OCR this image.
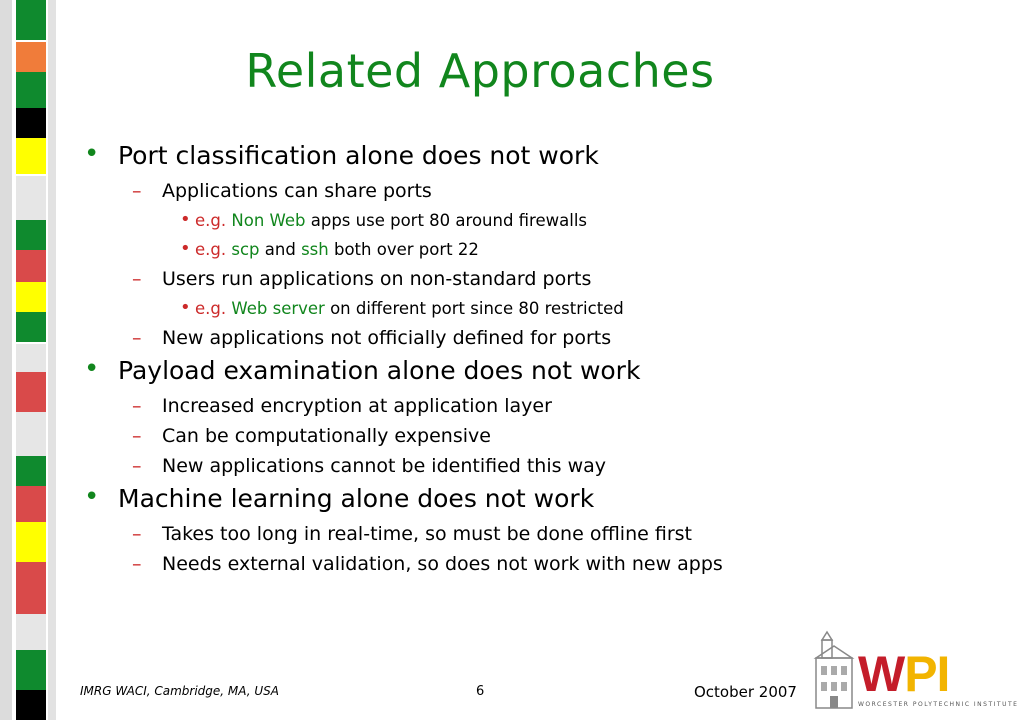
Related Approaches
• Port classification alone does not work
– Applications can share ports
• e.g. Non Web apps use port 80 around firewalls
• e.g. scp and ssh both over port 22
– Users run applications on non-standard ports
• e.g. Web server on different port since 80 restricted
– New applications not officially defined for ports
• Payload examination alone does not work
– Increased encryption at application layer
– Can be computationally expensive
– New applications cannot be identified this way
• Machine learning alone does not work
– Takes too long in real-time, so must be done offline first
– Needs external validation, so does not work with new apps
IMRG WACI, Cambridge, MA, USA	6	October 2007 WPI
WORCESTER POLYTECHNIC INSTITUTE
